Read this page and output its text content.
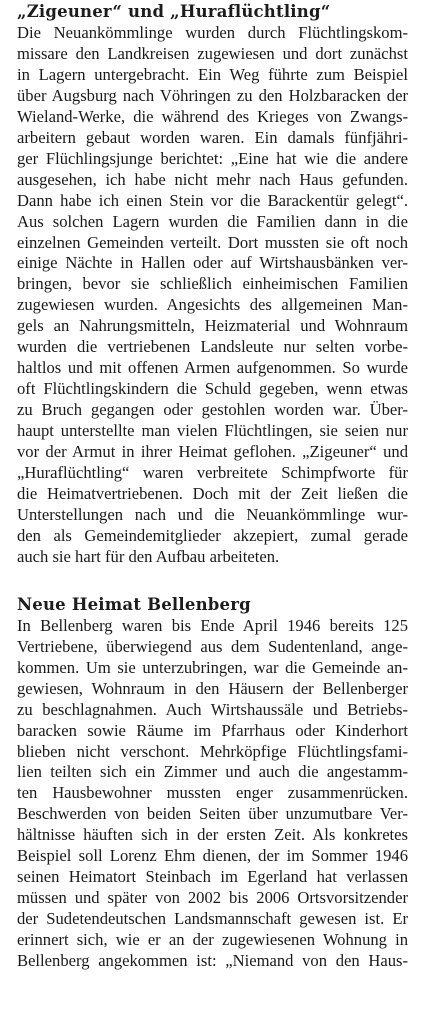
„Zigeuner“ und „Huraflüchtling“

Die Neuankömmlinge wurden durch Flüchtlingskom-
missare den Landkreisen zugewiesen und dort zunächst
in Lagern untergebracht. Ein Weg führte zum Beispiel
über Augsburg nach Vöhringen zu den Holzbaracken der
Wieland-Werke, die während des Krieges von Zwangs-
arbeitern gebaut worden waren. Ein damals fünfjähri-
ger Flüchlingsjunge berichtet: „Eine hat wie die andere
ausgesehen, ich habe nicht mehr nach Haus gefunden.
Dann habe ich einen Stein vor die Barackentür gelegt“.
Aus solchen Lagern wurden die Familien dann in die
einzelnen Gemeinden verteilt. Dort mussten sie oft noch
einige Nächte in Hallen oder auf Wirtshausbänken ver-
bringen, bevor sie schließlich einheimischen Familien
zugewiesen wurden. Angesichts des allgemeinen Man-
gels an Nahrungsmitteln, Heizmaterial und Wohnraum
wurden die vertriebenen Landsleute nur selten vorbe-
haltlos und mit offenen Armen aufgenommen. So wurde
oft Flüchtlingskindern die Schuld gegeben, wenn etwas
zu Bruch gegangen oder gestohlen worden war. Über-
haupt unterstellte man vielen Flüchtlingen, sie seien nur
vor der Armut in ihrer Heimat geflohen. „Zigeuner“ und
„Huraflüchtling“ waren verbreitete Schimpfworte für
die Heimatvertriebenen. Doch mit der Zeit ließen die
Unterstellungen nach und die Neuankömmlinge wur-
den als Gemeindemitglieder akzepiert, zumal gerade
auch sie hart für den Aufbau arbeiteten.

Neue Heimat Bellenberg

In Bellenberg waren bis Ende April 1946 bereits 125
Vertriebene, überwiegend aus dem Sudentenland, ange-
kommen. Um sie unterzubringen, war die Gemeinde an-
gewiesen, Wohnraum in den Häusern der Bellenberger
zu beschlagnahmen. Auch Wirtshaussäle und Betriebs-
baracken sowie Räume im Pfarrhaus oder Kinderhort
blieben nicht verschont. Mehrköpfige Flüchtlingsfami-
lien teilten sich ein Zimmer und auch die angestamm-
ten Hausbewohner mussten enger zusammenrücken.
Beschwerden von beiden Seiten über unzumutbare Ver-
hältnisse häuften sich in der ersten Zeit. Als konkretes
Beispiel soll Lorenz Ehm dienen, der im Sommer 1946
seinen Heimatort Steinbach im Egerland hat verlassen
müssen und später von 2002 bis 2006 Ortsvorsitzender
der Sudetendeutschen Landsmannschaft gewesen ist. Er
erinnert sich, wie er an der zugewiesenen Wohnung in
Bellenberg angekommen ist: „Niemand von den Haus-
